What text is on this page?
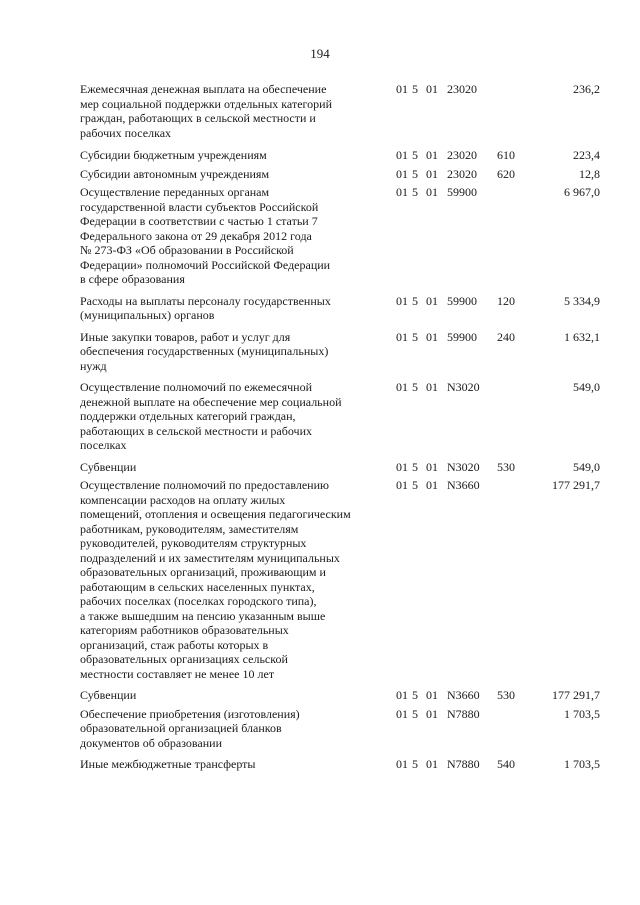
194
Ежемесячная денежная выплата на обеспечение
мер социальной поддержки отдельных категорий
граждан, работающих в сельской местности и
рабочих поселках
01 5 01 23020	236,2
Субсидии бюджетным учреждениям	01 5 01 23020 610	223,4
Субсидии автономным учреждениям	01 5 01 23020 620	12,8
Осуществление переданных органам
государственной власти субъектов Российской
Федерации в соответствии с частью 1 статьи 7
Федерального закона от 29 декабря 2012 года
№ 273-ФЗ «Об образовании в Российской
Федерации» полномочий Российской Федерации
в сфере образования
01 5 01 59900	6 967,0
Расходы на выплаты персоналу государственных
(муниципальных) органов
01 5 01 59900 120	5 334,9
Иные закупки товаров, работ и услуг для
обеспечения государственных (муниципальных)
нужд
01 5 01 59900 240	1 632,1
Осуществление полномочий по ежемесячной
денежной выплате на обеспечение мер социальной
поддержки отдельных категорий граждан,
работающих в сельской местности и рабочих
поселках
01 5 01 N3020	549,0
Субвенции	01 5 01 N3020 530	549,0
Осуществление полномочий по предоставлению
компенсации расходов на оплату жилых
помещений, отопления и освещения педагогическим
работникам, руководителям, заместителям
руководителей, руководителям структурных
подразделений и их заместителям муниципальных
образовательных организаций, проживающим и
работающим в сельских населенных пунктах,
рабочих поселках (поселках городского типа),
а также вышедшим на пенсию указанным выше
категориям работников образовательных
организаций, стаж работы которых в
образовательных организациях сельской
местности составляет не менее 10 лет
01 5 01 N3660	177 291,7
Субвенции	01 5 01 N3660 530	177 291,7
Обеспечение приобретения (изготовления)
образовательной организацией бланков
документов об образовании
01 5 01 N7880	1 703,5
Иные межбюджетные трансферты	01 5 01 N7880 540	1 703,5
